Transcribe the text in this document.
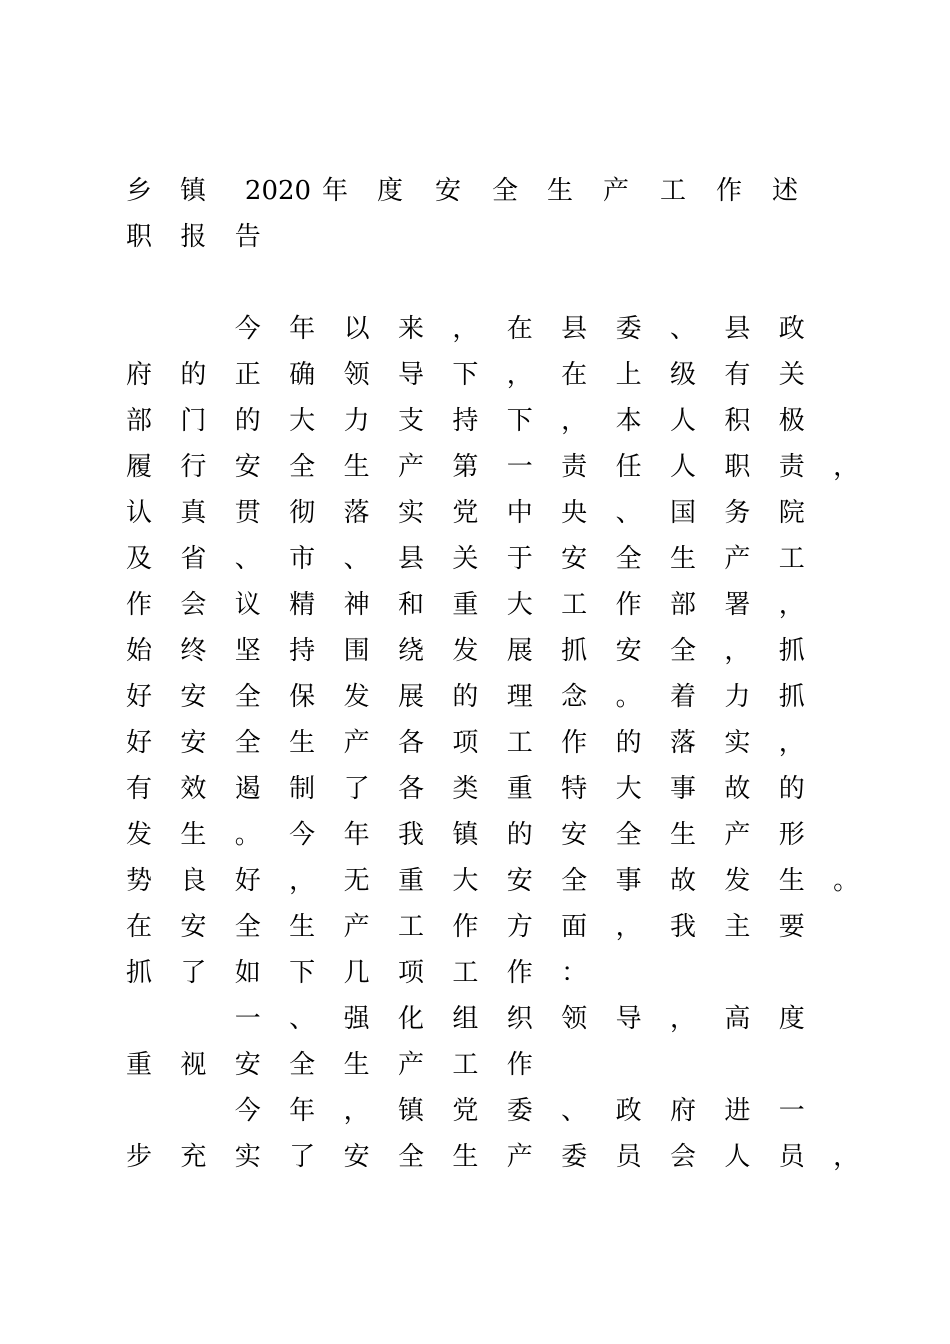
乡 镇 2020 年 度 安 全 生 产 工 作 述
职 报 告
今 年 以 来 ， 在 县 委 、 县 政
府 的 正 确 领 导 下 ， 在 上 级 有 关
部 门 的 大 力 支 持 下 ， 本 人 积 极
履 行 安 全 生 产 第 一 责 任 人 职 责 ，
认 真 贯 彻 落 实 党 中 央 、 国 务 院
及 省 、 市 、 县 关 于 安 全 生 产 工
作 会 议 精 神 和 重 大 工 作 部 署 ，
始 终 坚 持 围 绕 发 展 抓 安 全 ， 抓
好 安 全 保 发 展 的 理 念 。 着 力 抓
好 安 全 生 产 各 项 工 作 的 落 实 ，
有 效 遏 制 了 各 类 重 特 大 事 故 的
发 生 。 今 年 我 镇 的 安 全 生 产 形
势 良 好 ， 无 重 大 安 全 事 故 发 生 。
在 安 全 生 产 工 作 方 面 ， 我 主 要
抓 了 如 下 几 项 工 作 ：
一 、 强 化 组 织 领 导 ， 高 度
重 视 安 全 生 产 工 作
今 年 ， 镇 党 委 、 政 府 进 一
步 充 实 了 安 全 生 产 委 员 会 人 员 ，
